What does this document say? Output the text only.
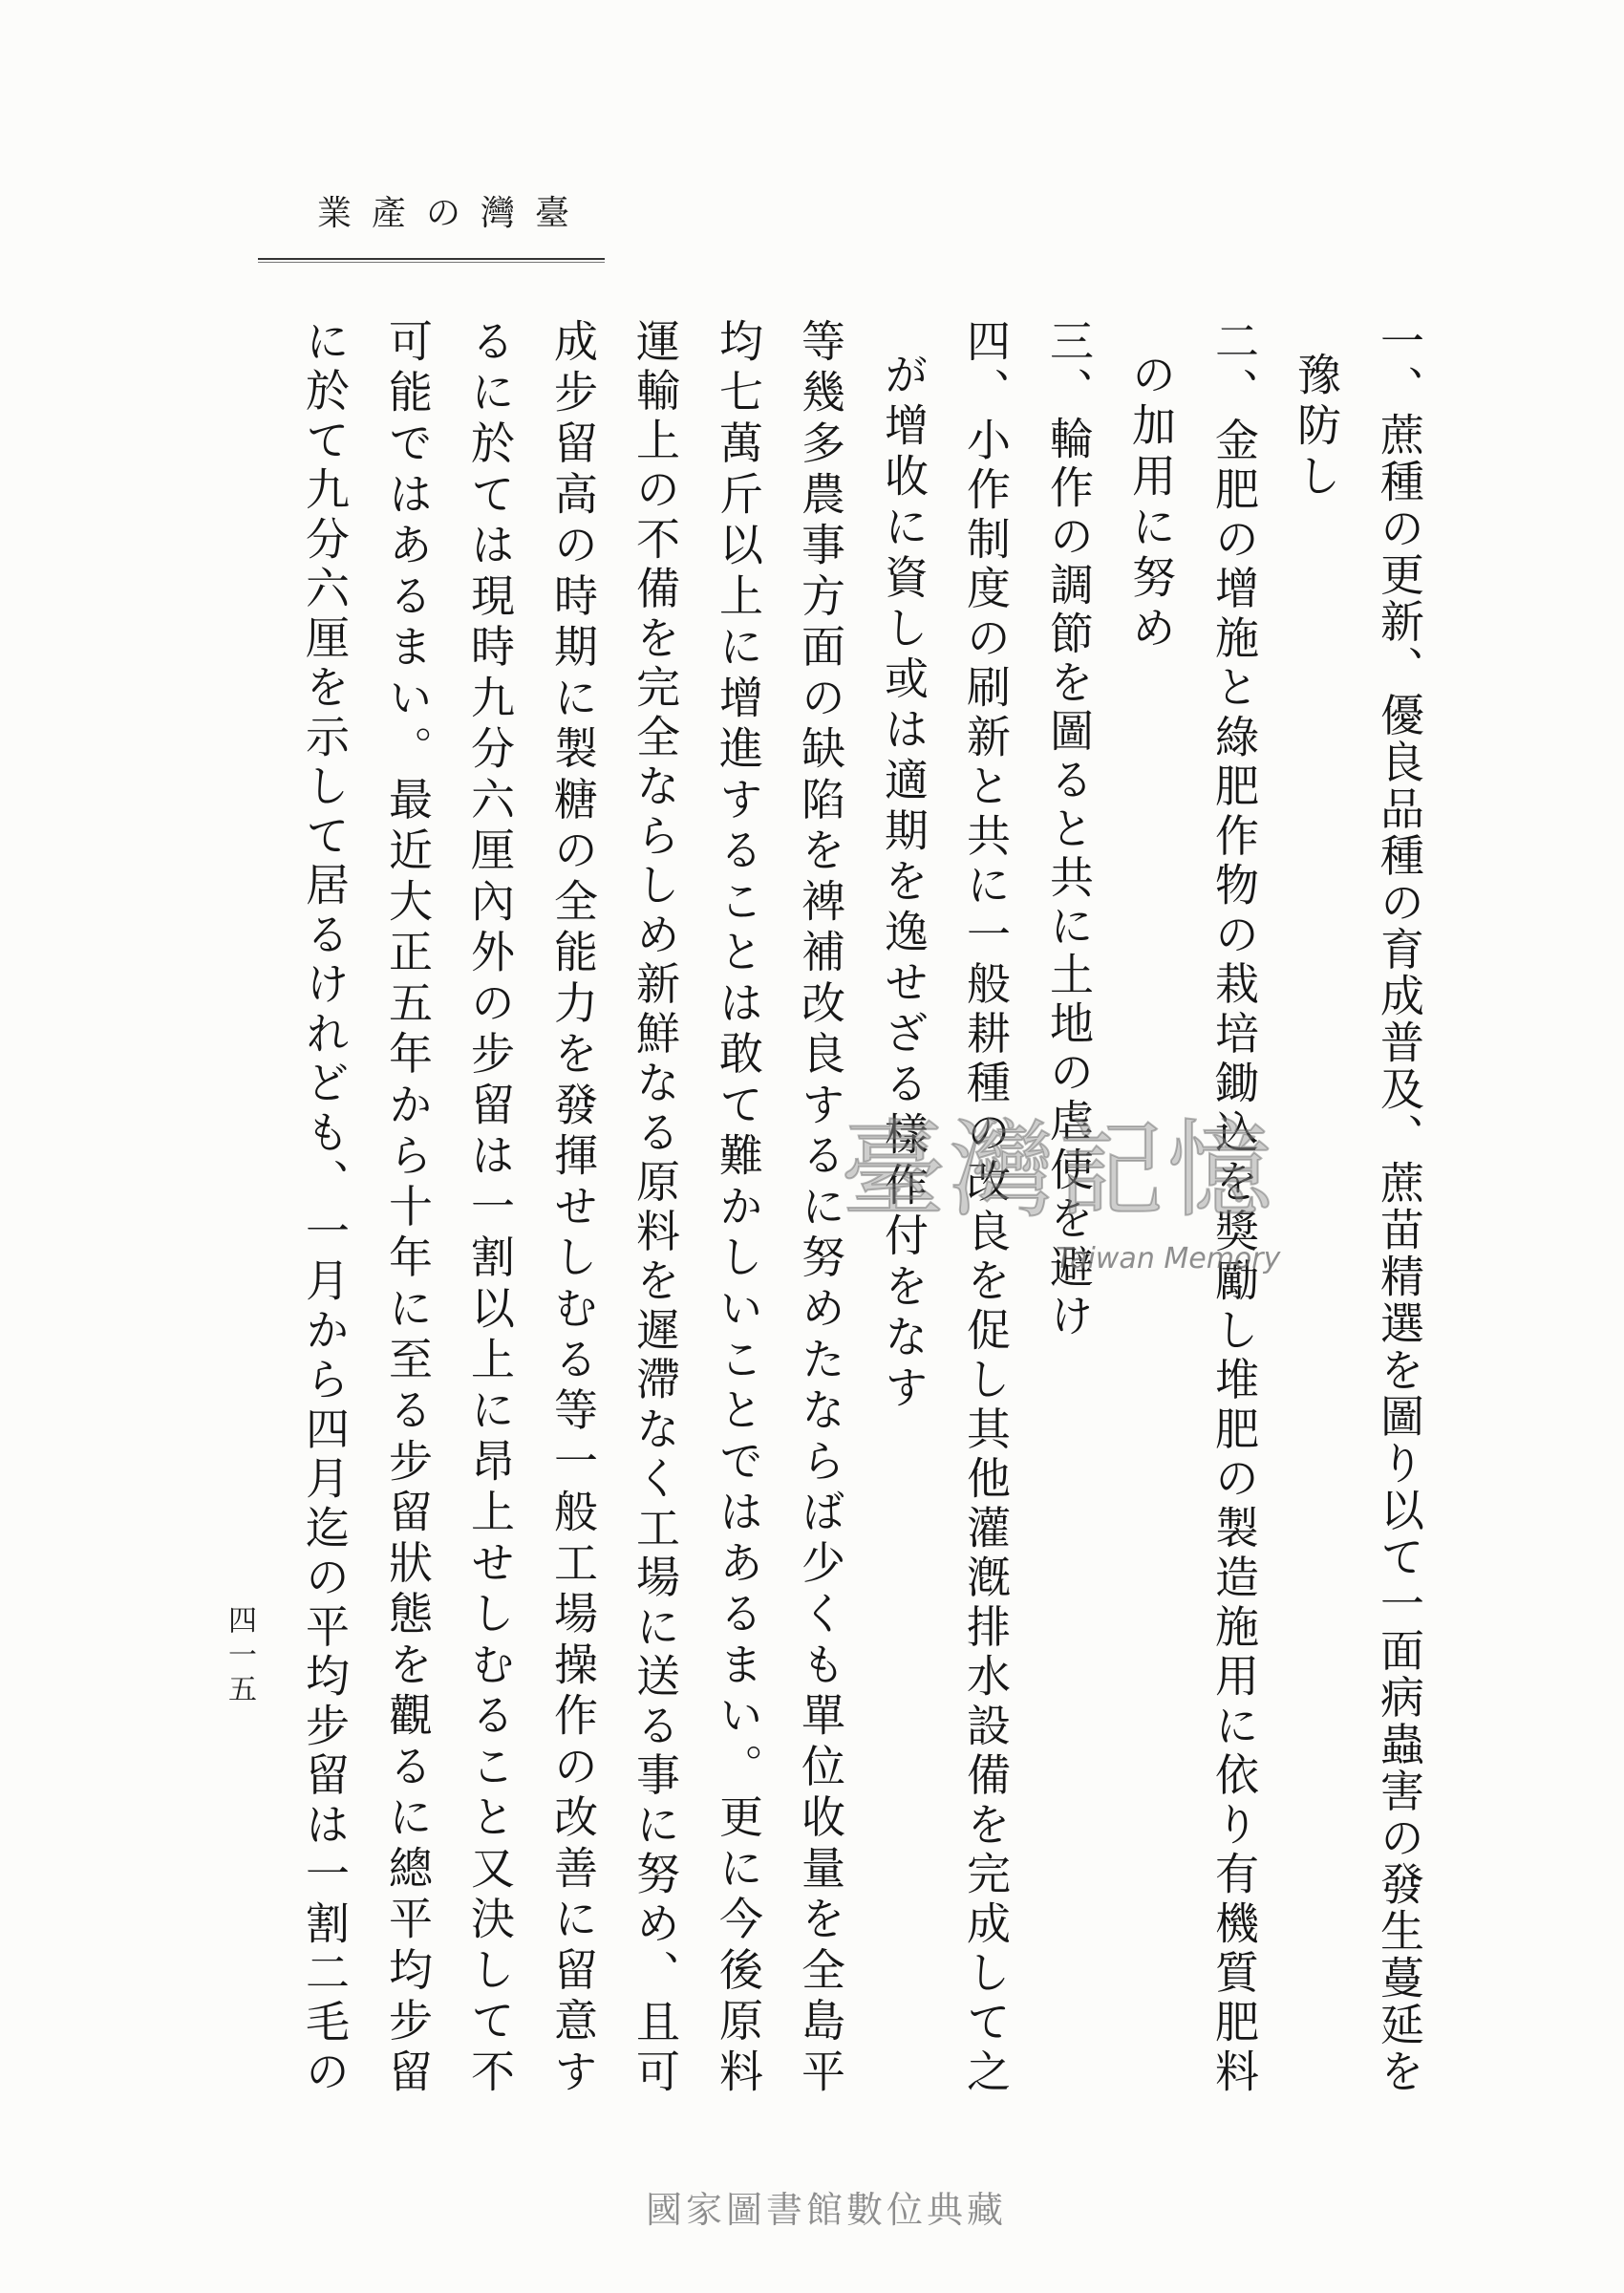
臺灣の產業
一、蔗種の更新、優良品種の育成普及、蔗苗精選を圖り以て一面病蟲害の發生蔓延を
豫防し
二、金肥の增施と綠肥作物の栽培鋤込を獎勵し堆肥の製造施用に依り有機質肥料
の加用に努め
三、輪作の調節を圖ると共に土地の虐使を避け
四、小作制度の刷新と共に一般耕種の改良を促し其他灌漑排水設備を完成して之
が增收に資し或は適期を逸せざる樣作付をなす
等幾多農事方面の缺陷を裨補改良するに努めたならば少くも單位收量を全島平
均七萬斤以上に增進することは敢て難かしいことではあるまい。更に今後原料
運輸上の不備を完全ならしめ新鮮なる原料を遲滯なく工場に送る事に努め、且可
成步留高の時期に製糖の全能力を發揮せしむる等一般工場操作の改善に留意す
るに於ては現時九分六厘內外の步留は一割以上に昂上せしむること又決して不
可能ではあるまい。最近大正五年から十年に至る步留狀態を觀るに總平均步留
に於て九分六厘を示して居るけれども、一月から四月迄の平均步留は一割二毛の
四一五
臺灣記憶
Taiwan Memory
國家圖書館數位典藏
